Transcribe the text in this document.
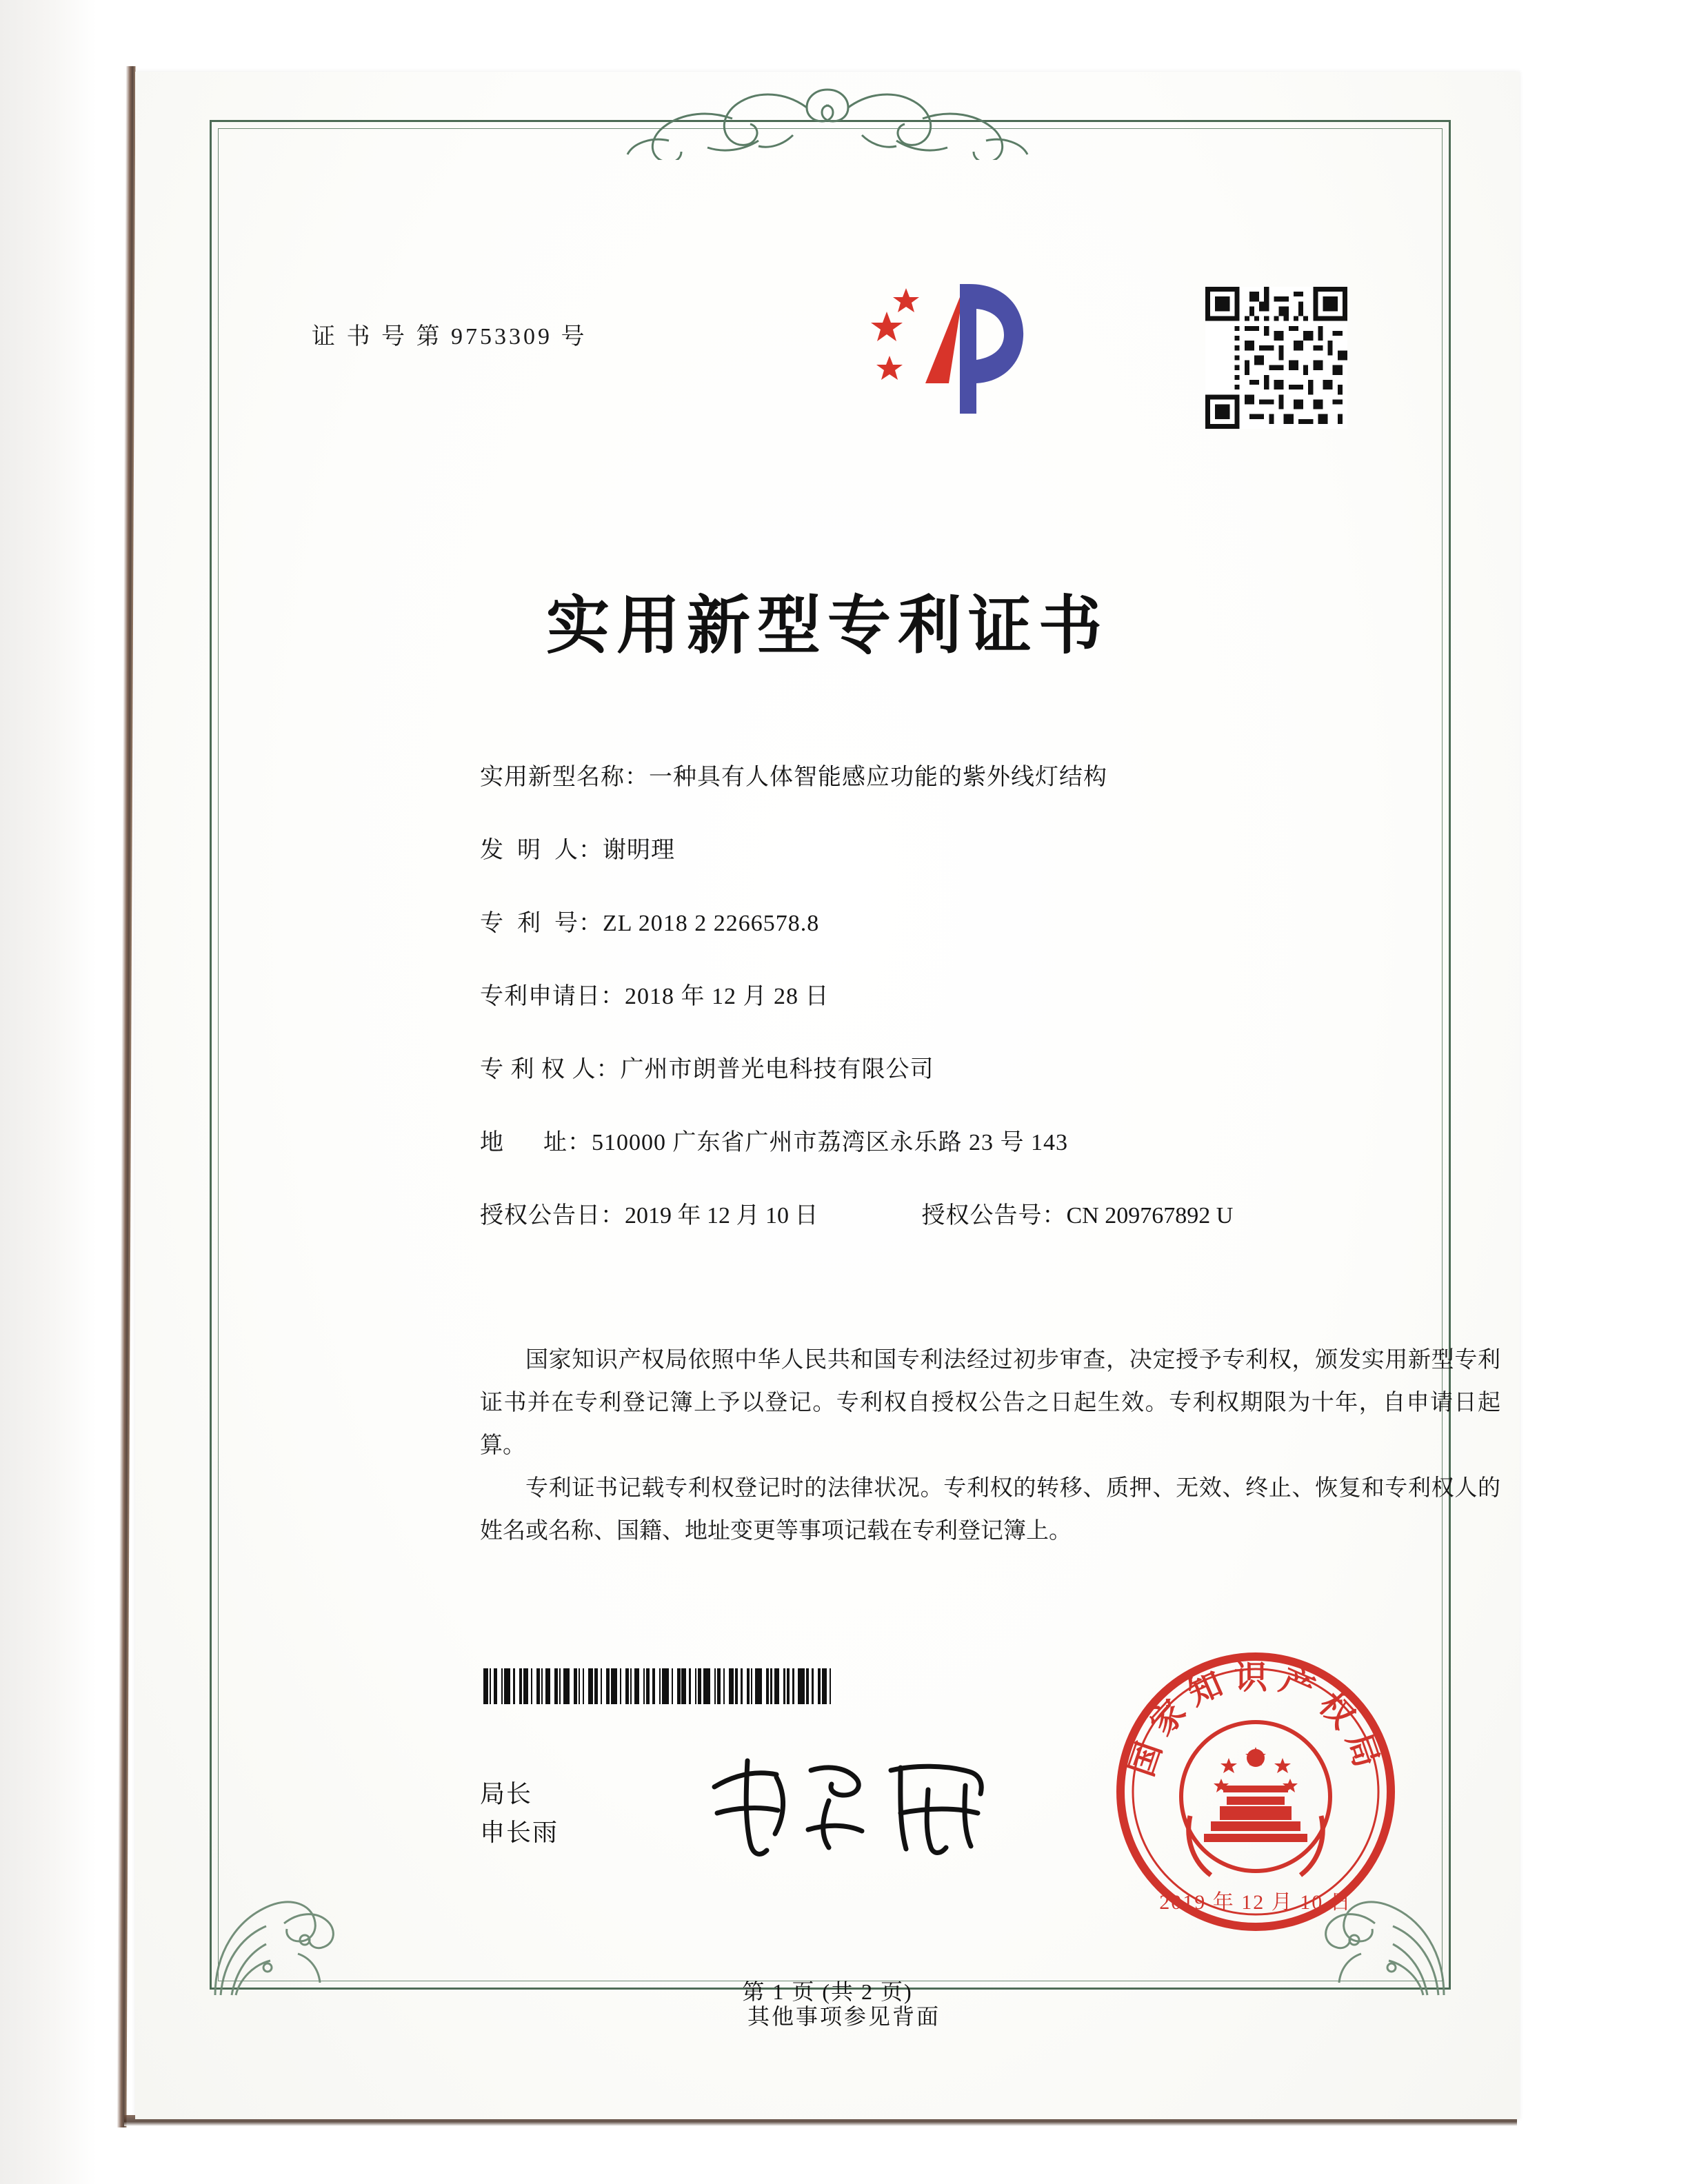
证 书 号 第 9753309 号
实用新型专利证书
实用新型名称： 一种具有人体智能感应功能的紫外线灯结构
发  明  人： 谢明理
专  利  号： ZL 2018 2 2266578.8
专利申请日： 2018 年 12 月 28 日
专 利 权 人： 广州市朗普光电科技有限公司
地      址： 510000 广东省广州市荔湾区永乐路 23 号 143
授权公告日： 2019 年 12 月 10 日	授权公告号： CN 209767892 U

国家知识产权局依照中华人民共和国专利法经过初步审查，决定授予专利权，颁发实用新型专利证书并在专利登记簿上予以登记。专利权自授权公告之日起生效。专利权期限为十年，自申请日起算。

专利证书记载专利权登记时的法律状况。专利权的转移、质押、无效、终止、恢复和专利权人的姓名或名称、国籍、地址变更等事项记载在专利登记簿上。

局长
申长雨
国家知识产权局
2019 年 12 月 10 日
第 1 页 (共 2 页)
其他事项参见背面
